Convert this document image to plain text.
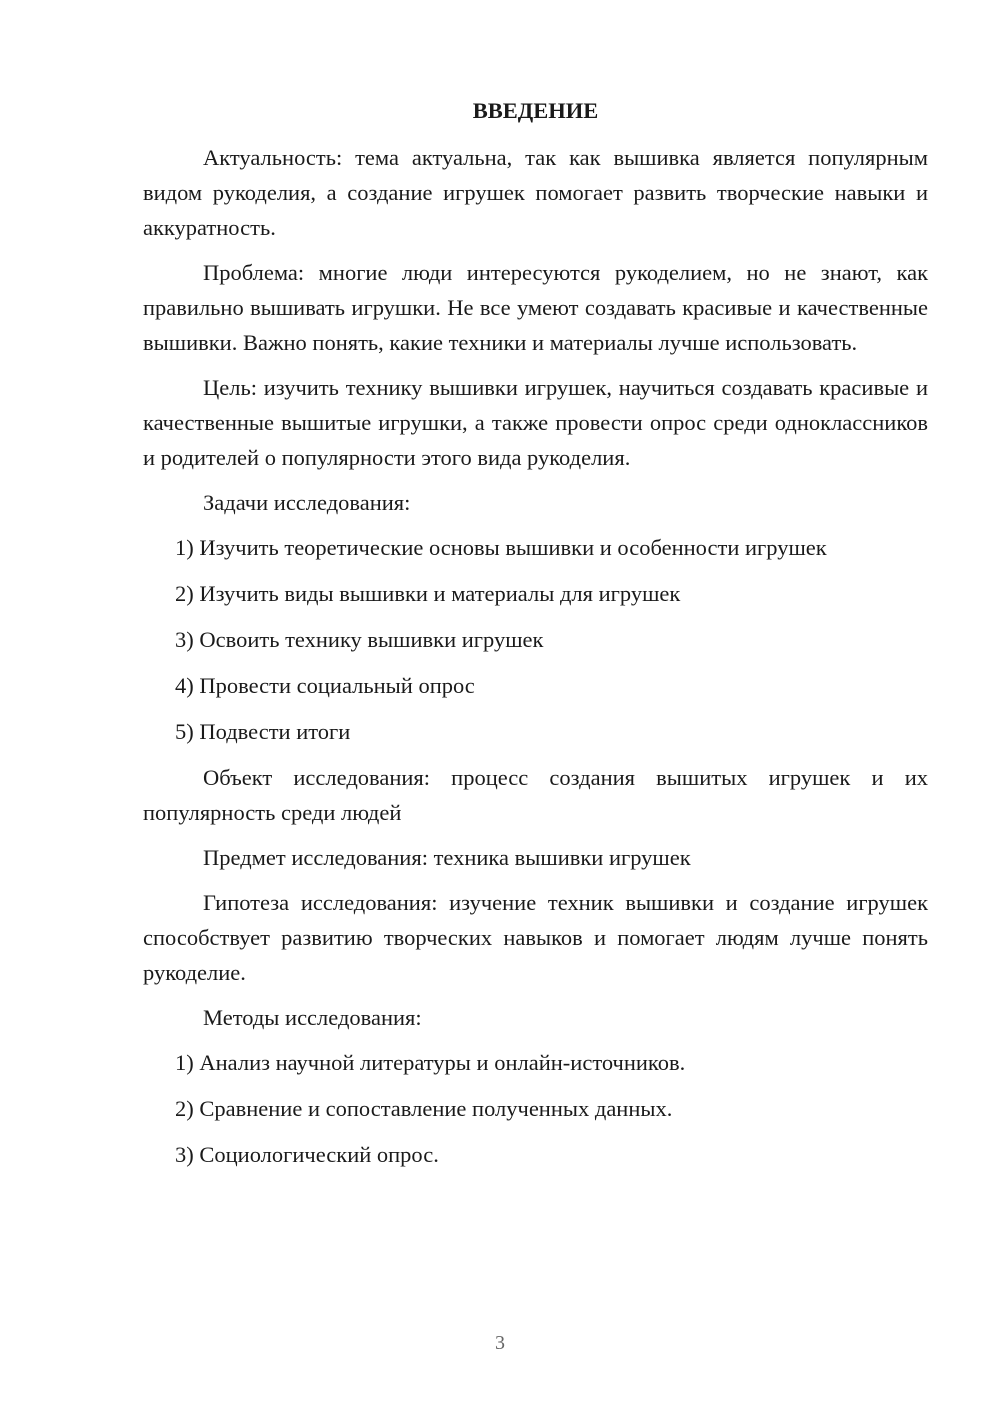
ВВЕДЕНИЕ

Актуальность: тема актуальна, так как вышивка является популярным видом рукоделия, а создание игрушек помогает развить творческие навыки и аккуратность.

Проблема: многие люди интересуются рукоделием, но не знают, как правильно вышивать игрушки. Не все умеют создавать красивые и качественные вышивки. Важно понять, какие техники и материалы лучше использовать.

Цель: изучить технику вышивки игрушек, научиться создавать красивые и качественные вышитые игрушки, а также провести опрос среди одноклассников и родителей о популярности этого вида рукоделия.

Задачи исследования:

1) Изучить теоретические основы вышивки и особенности игрушек
2) Изучить виды вышивки и материалы для игрушек
3) Освоить технику вышивки игрушек
4) Провести социальный опрос
5) Подвести итоги

Объект исследования: процесс создания вышитых игрушек и их популярность среди людей

Предмет исследования: техника вышивки игрушек

Гипотеза исследования: изучение техник вышивки и создание игрушек способствует развитию творческих навыков и помогает людям лучше понять рукоделие.

Методы исследования:

1) Анализ научной литературы и онлайн-источников.
2) Сравнение и сопоставление полученных данных.
3) Социологический опрос.
3
